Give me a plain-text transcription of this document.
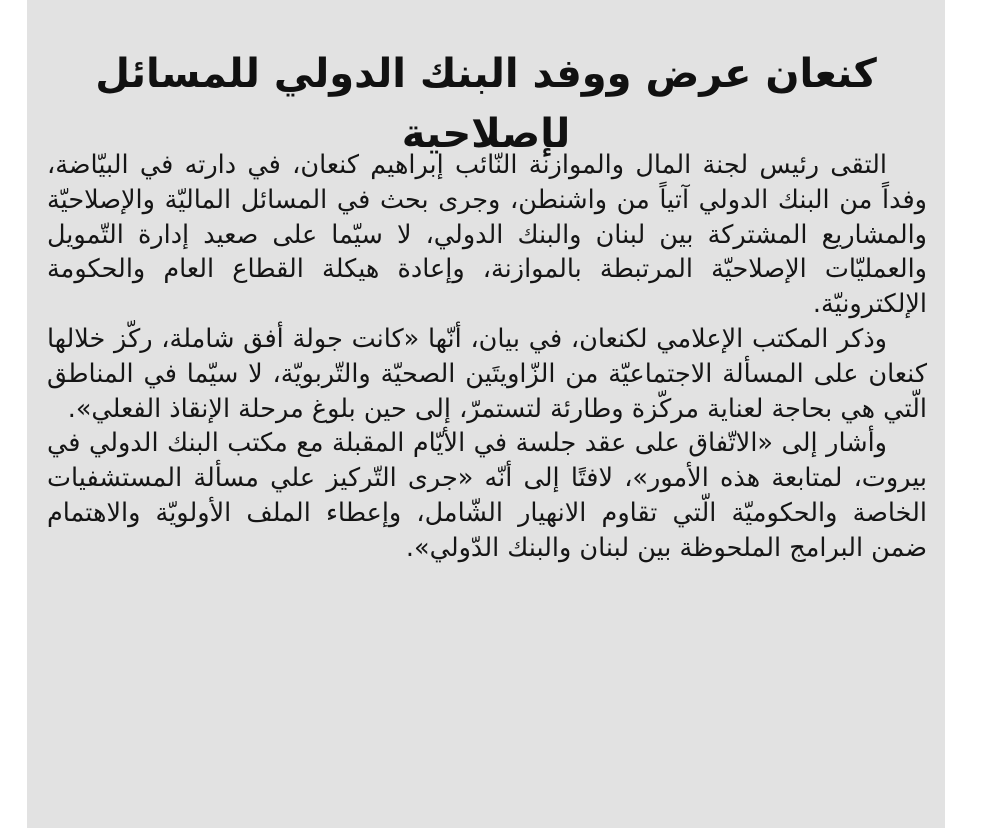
كنعان عرض ووفد البنك الدولي للمسائل لإصلاحية

التقى رئيس لجنة المال والموازنة النّائب إبراهيم كنعان، في دارته في البيّاضة، وفداً من البنك الدولي آتياً من واشنطن، وجرى بحث في المسائل الماليّة والإصلاحيّة والمشاريع المشتركة بين لبنان والبنك الدولي، لا سيّما على صعيد إدارة التّمويل والعمليّات الإصلاحيّة المرتبطة بالموازنة، وإعادة هيكلة القطاع العام والحكومة الإلكترونيّة.

وذكر المكتب الإعلامي لكنعان، في بيان، أنّها «كانت جولة أفق شاملة، ركّز خلالها كنعان على المسألة الاجتماعيّة من الزّاويتَين الصحيّة والتّربويّة، لا سيّما في المناطق الّتي هي بحاجة لعناية مركّزة وطارئة لتستمرّ، إلى حين بلوغ مرحلة الإنقاذ الفعلي».

وأشار إلى «الاتّفاق على عقد جلسة في الأيّام المقبلة مع مكتب البنك الدولي في بيروت، لمتابعة هذه الأمور»، لافتًا إلى أنّه «جرى التّركيز علي مسألة المستشفيات الخاصة والحكوميّة الّتي تقاوم الانهيار الشّامل، وإعطاء الملف الأولويّة والاهتمام ضمن البرامج الملحوظة بين لبنان والبنك الدّولي».
